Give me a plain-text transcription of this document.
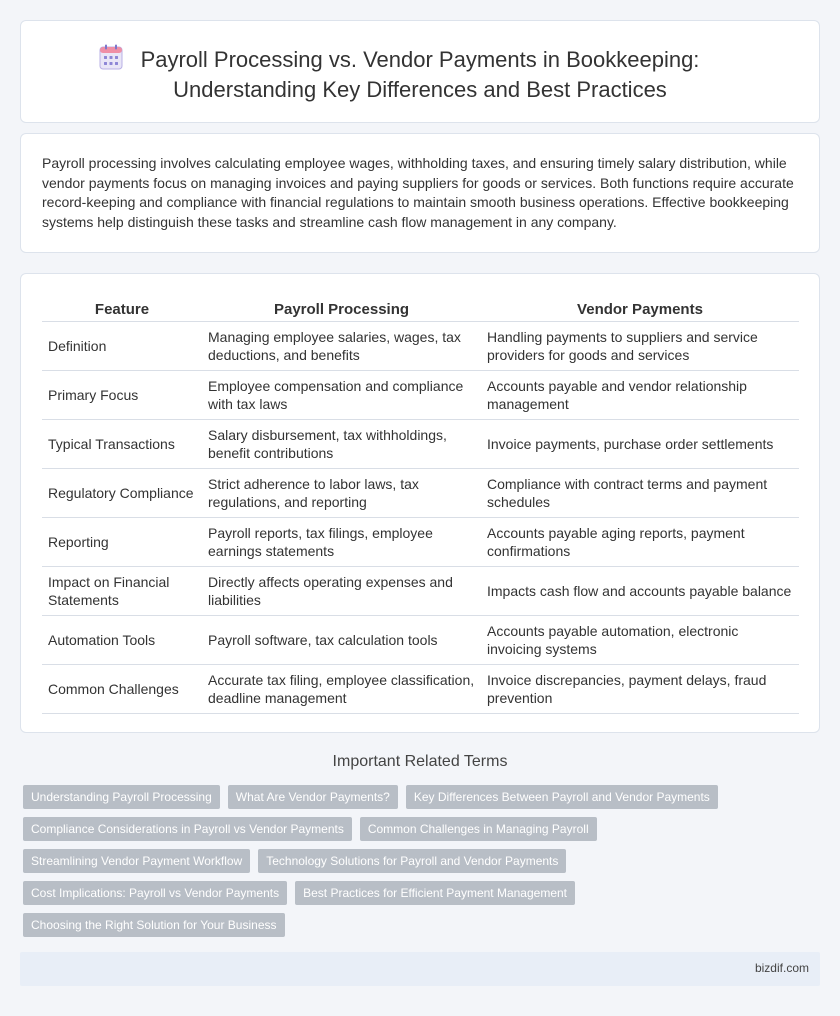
Payroll Processing vs. Vendor Payments in Bookkeeping:
Understanding Key Differences and Best Practices

Payroll processing involves calculating employee wages, withholding taxes, and ensuring timely salary distribution, while vendor payments focus on managing invoices and paying suppliers for goods or services. Both functions require accurate record-keeping and compliance with financial regulations to maintain smooth business operations. Effective bookkeeping systems help distinguish these tasks and streamline cash flow management in any company.

Feature	Payroll Processing	Vendor Payments
Definition	Managing employee salaries, wages, tax deductions, and benefits	Handling payments to suppliers and service providers for goods and services
Primary Focus	Employee compensation and compliance with tax laws	Accounts payable and vendor relationship management
Typical Transactions	Salary disbursement, tax withholdings, benefit contributions	Invoice payments, purchase order settlements
Regulatory Compliance	Strict adherence to labor laws, tax regulations, and reporting	Compliance with contract terms and payment schedules
Reporting	Payroll reports, tax filings, employee earnings statements	Accounts payable aging reports, payment confirmations
Impact on Financial Statements	Directly affects operating expenses and liabilities	Impacts cash flow and accounts payable balance
Automation Tools	Payroll software, tax calculation tools	Accounts payable automation, electronic invoicing systems
Common Challenges	Accurate tax filing, employee classification, deadline management	Invoice discrepancies, payment delays, fraud prevention
Important Related Terms
Understanding Payroll Processing	What Are Vendor Payments?	Key Differences Between Payroll and Vendor Payments
Compliance Considerations in Payroll vs Vendor Payments	Common Challenges in Managing Payroll
Streamlining Vendor Payment Workflow	Technology Solutions for Payroll and Vendor Payments
Cost Implications: Payroll vs Vendor Payments	Best Practices for Efficient Payment Management
Choosing the Right Solution for Your Business
bizdif.com
